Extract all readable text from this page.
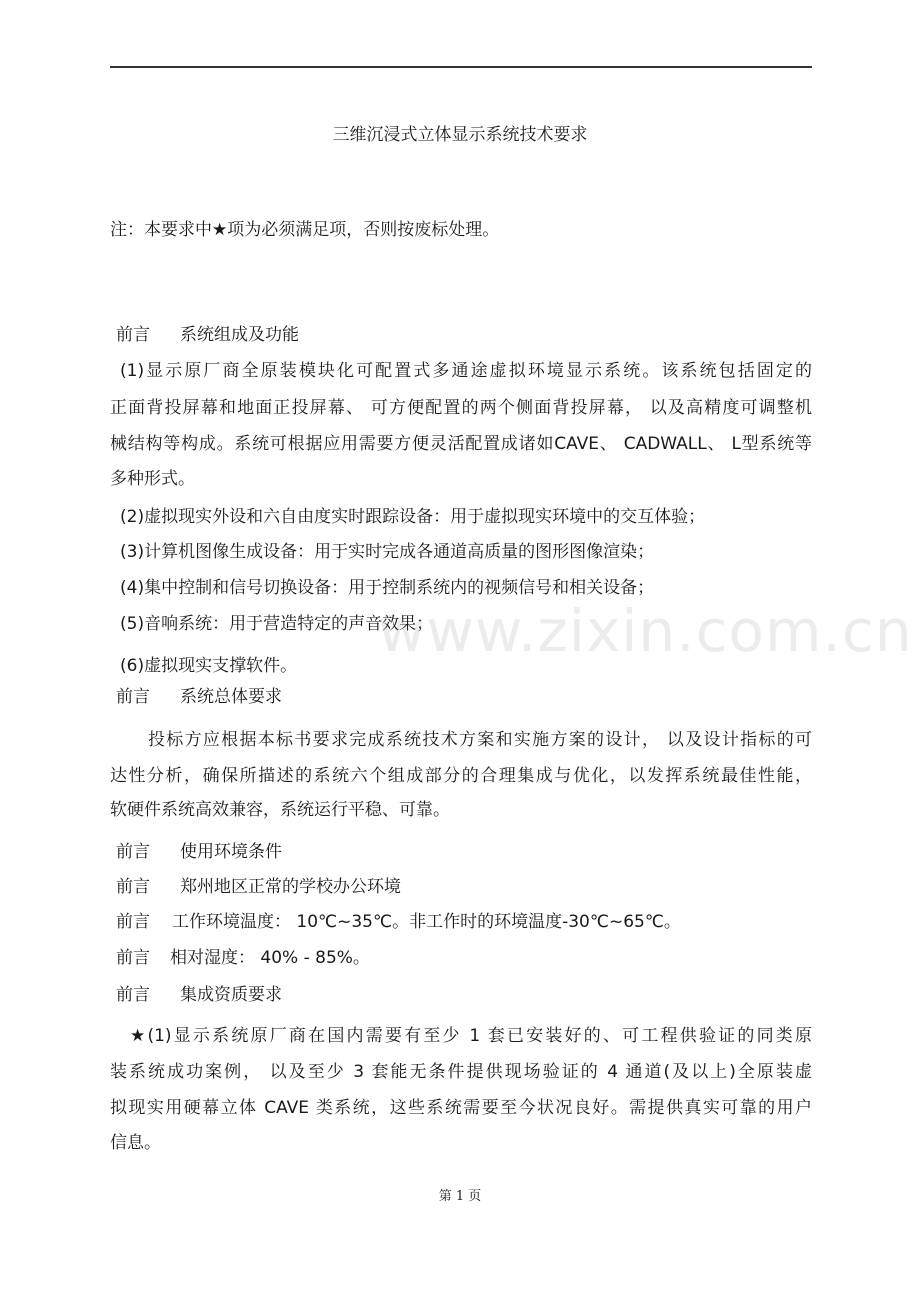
三维沉浸式立体显示系统技术要求
注：本要求中★项为必须满足项，否则按废标处理。
前言 系统组成及功能
(1)显示原厂商全原装模块化可配置式多通途虚拟环境显示系统。该系统包括固定的
正面背投屏幕和地面正投屏幕、 可方便配置的两个侧面背投屏幕， 以及高精度可调整机
械结构等构成。系统可根据应用需要方便灵活配置成诸如CAVE、 CADWALL、 L型系统等
多种形式。
(2)虚拟现实外设和六自由度实时跟踪设备：用于虚拟现实环境中的交互体验；
(3)计算机图像生成设备：用于实时完成各通道高质量的图形图像渲染；
(4)集中控制和信号切换设备：用于控制系统内的视频信号和相关设备；
(5)音响系统：用于营造特定的声音效果；
(6)虚拟现实支撑软件。
前言 系统总体要求
投标方应根据本标书要求完成系统技术方案和实施方案的设计， 以及设计指标的可
达性分析，确保所描述的系统六个组成部分的合理集成与优化，以发挥系统最佳性能，
软硬件系统高效兼容，系统运行平稳、可靠。
前言 使用环境条件
前言 郑州地区正常的学校办公环境
前言 工作环境温度： 10℃~35℃。非工作时的环境温度-30℃~65℃。
前言 相对湿度： 40% - 85%。
前言 集成资质要求
★(1)显示系统原厂商在国内需要有至少 1 套已安装好的、可工程供验证的同类原
装系统成功案例， 以及至少 3 套能无条件提供现场验证的 4 通道(及以上)全原装虚
拟现实用硬幕立体 CAVE 类系统，这些系统需要至今状况良好。需提供真实可靠的用户
信息。
www.zixin.com.cn
第 1 页
